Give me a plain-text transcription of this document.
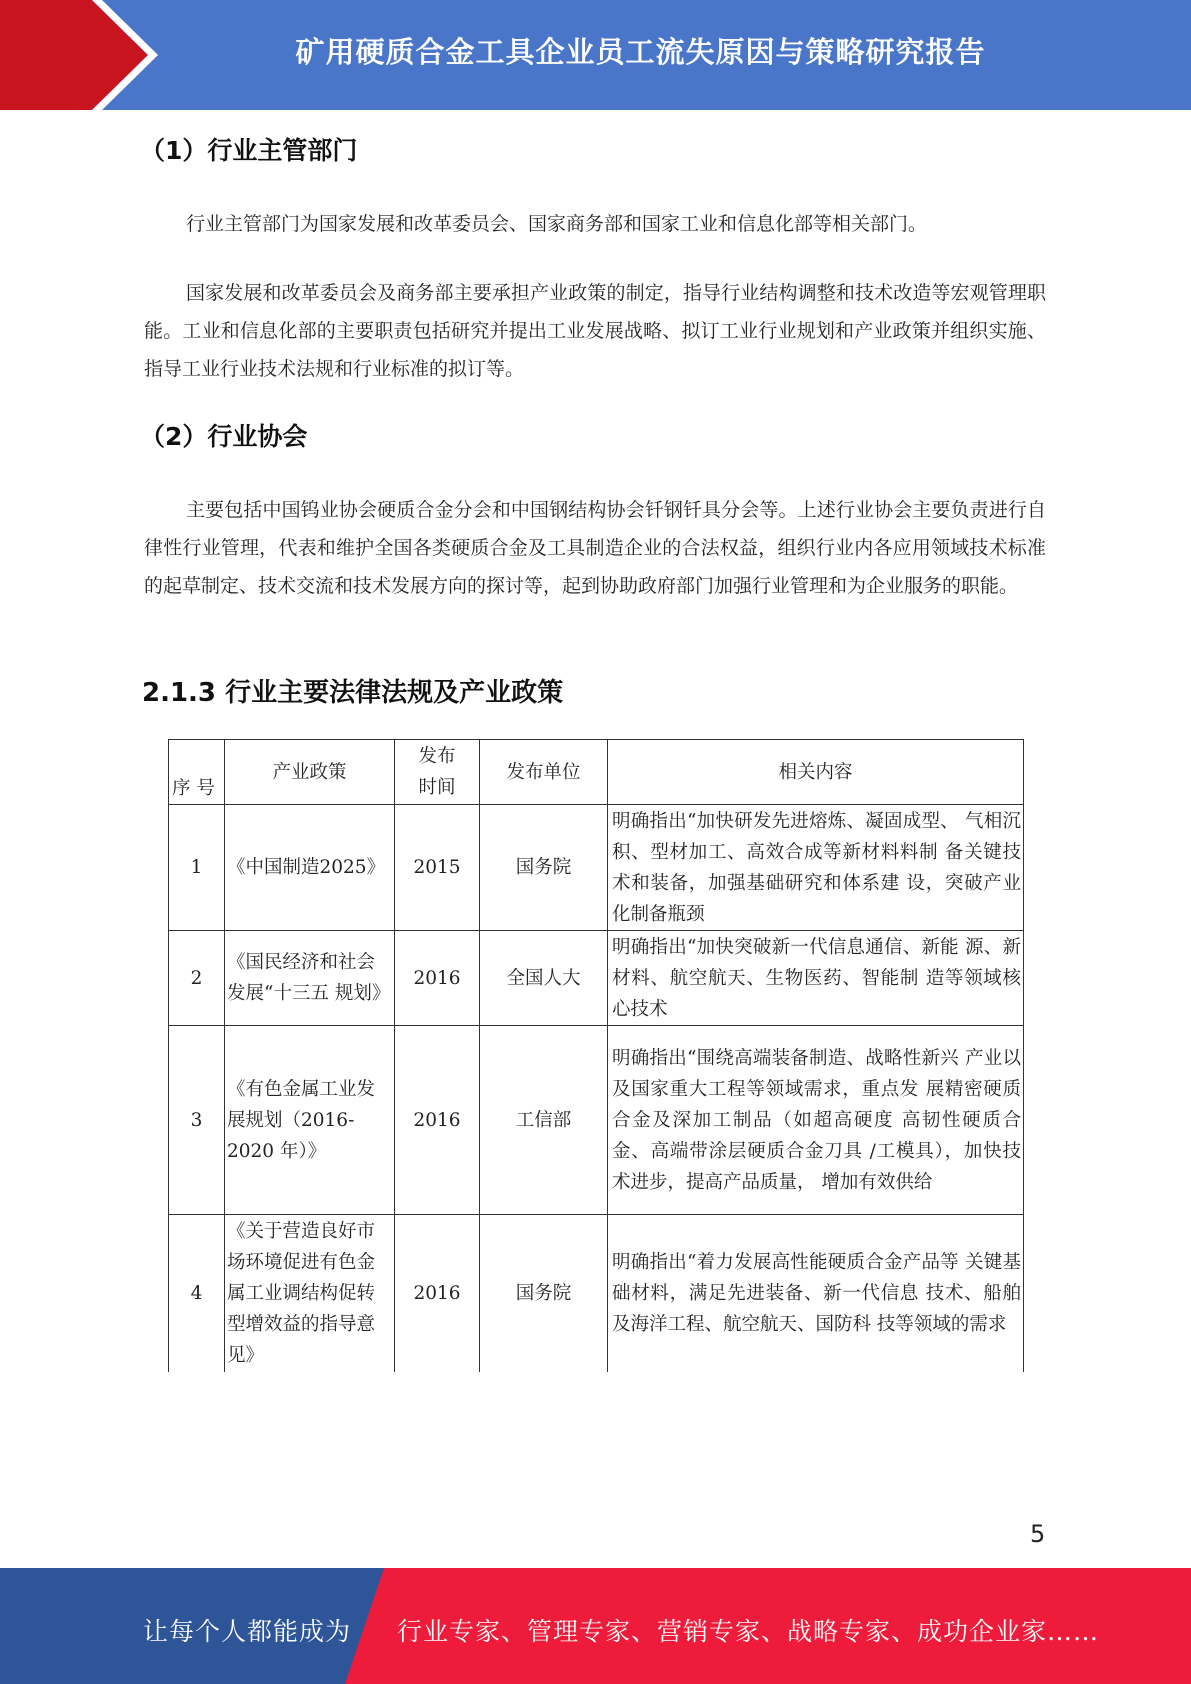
矿用硬质合金工具企业员工流失原因与策略研究报告
（1）行业主管部门
行业主管部门为国家发展和改革委员会、国家商务部和国家工业和信息化部等相关部门。
国家发展和改革委员会及商务部主要承担产业政策的制定，指导行业结构调整和技术改造等宏观管理职能。工业和信息化部的主要职责包括研究并提出工业发展战略、拟订工业行业规划和产业政策并组织实施、指导工业行业技术法规和行业标准的拟订等。
（2）行业协会
主要包括中国钨业协会硬质合金分会和中国钢结构协会钎钢钎具分会等。上述行业协会主要负责进行自律性行业管理，代表和维护全国各类硬质合金及工具制造企业的合法权益，组织行业内各应用领域技术标准的起草制定、技术交流和技术发展方向的探讨等，起到协助政府部门加强行业管理和为企业服务的职能。
2.1.3 行业主要法律法规及产业政策
序号	产业政策	发布时间	发布单位	相关内容
1	《中国制造2025》	2015	国务院	明确指出“加快研发先进熔炼、凝固成型、 气相沉积、型材加工、高效合成等新材料料制 备关键技术和装备，加强基础研究和体系建 设，突破产业化制备瓶颈
2	《国民经济和社会发展“十三五 规划》	2016	全国人大	明确指出“加快突破新一代信息通信、新能 源、新材料、航空航天、生物医药、智能制 造等领域核心技术
3	《有色金属工业发展规划（2016-2020 年）》	2016	工信部	明确指出“围绕高端装备制造、战略性新兴 产业以及国家重大工程等领域需求，重点发 展精密硬质合金及深加工制品（如超高硬度 高韧性硬质合金、高端带涂层硬质合金刀具 /工模具），加快技术进步，提高产品质量， 增加有效供给
4	《关于营造良好市场环境促进有色金属工业调结构促转型增效益的指导意见》	2016	国务院	明确指出“着力发展高性能硬质合金产品等 关键基础材料，满足先进装备、新一代信息 技术、船舶及海洋工程、航空航天、国防科 技等领域的需求
5
让每个人都能成为 行业专家、管理专家、营销专家、战略专家、成功企业家……
